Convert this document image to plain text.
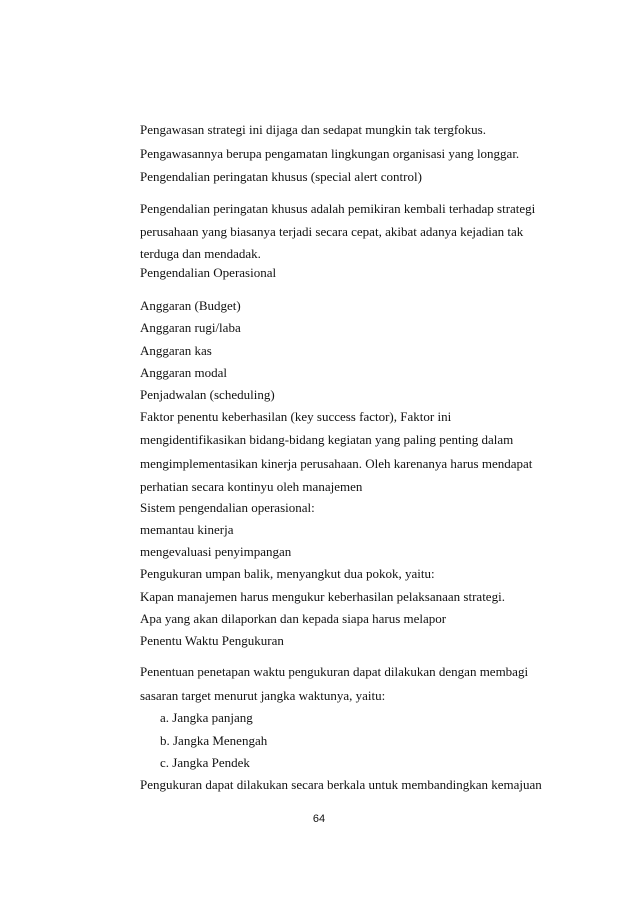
Pengawasan strategi ini dijaga dan sedapat mungkin tak tergfokus.
Pengawasannya berupa pengamatan lingkungan organisasi yang longgar.
Pengendalian peringatan khusus (special alert control)
Pengendalian peringatan khusus adalah pemikiran kembali terhadap strategi
perusahaan yang biasanya terjadi secara cepat, akibat adanya kejadian tak
terduga dan mendadak.
Pengendalian Operasional
Anggaran (Budget)
Anggaran rugi/laba
Anggaran kas
Anggaran modal
Penjadwalan (scheduling)
Faktor penentu keberhasilan (key success factor), Faktor ini
mengidentifikasikan bidang-bidang kegiatan yang paling penting dalam
mengimplementasikan kinerja perusahaan. Oleh karenanya harus mendapat
perhatian secara kontinyu oleh manajemen
Sistem pengendalian operasional:
memantau kinerja
mengevaluasi penyimpangan
Pengukuran umpan balik, menyangkut dua pokok, yaitu:
Kapan manajemen harus mengukur keberhasilan pelaksanaan strategi.
Apa yang akan dilaporkan dan kepada siapa harus melapor
Penentu Waktu Pengukuran
Penentuan penetapan waktu pengukuran dapat dilakukan dengan membagi
sasaran target menurut jangka waktunya, yaitu:
a. Jangka panjang
b. Jangka Menengah
c. Jangka Pendek
Pengukuran dapat dilakukan secara berkala untuk membandingkan kemajuan
64
